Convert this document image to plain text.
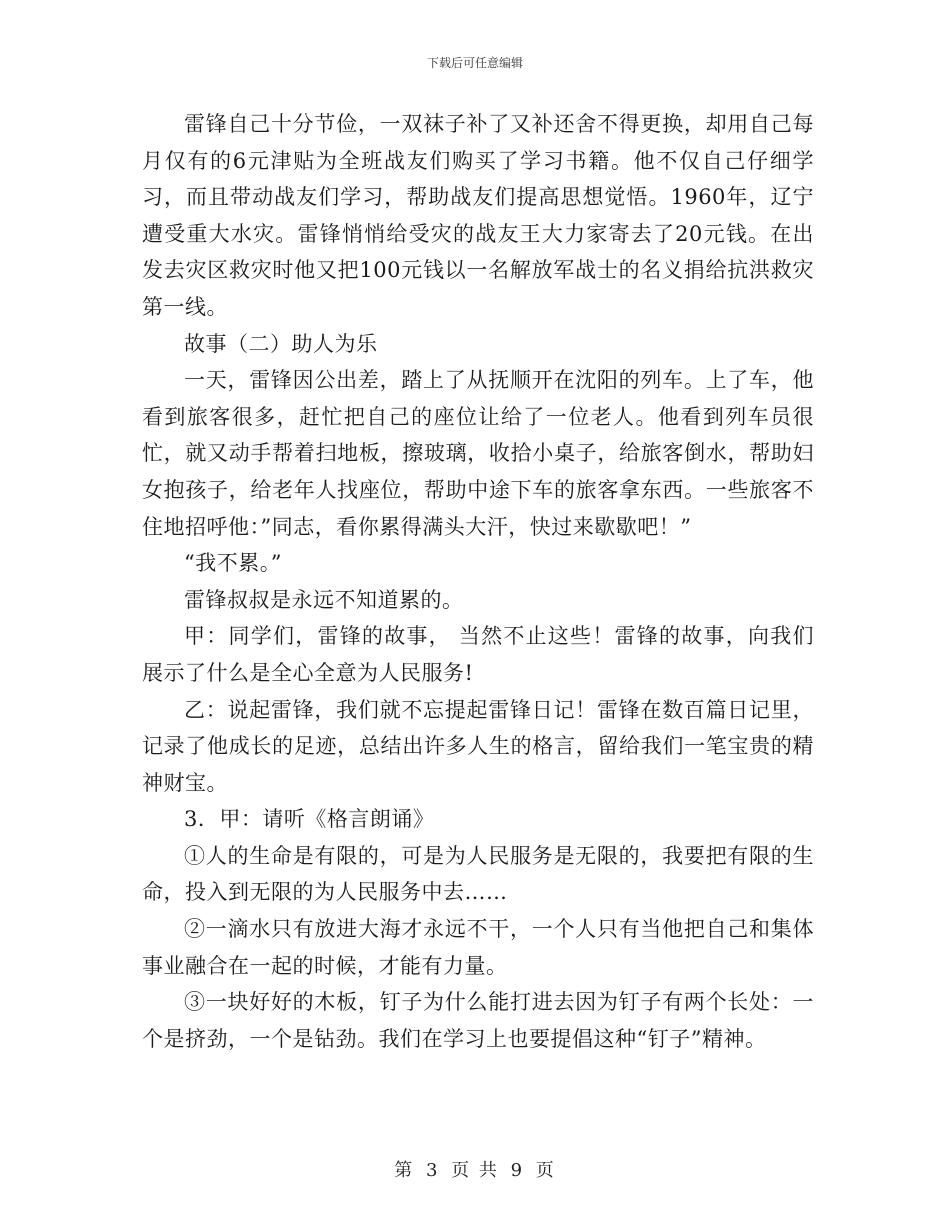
下载后可任意编辑

雷锋自己十分节俭，一双袜子补了又补还舍不得更换，却用自己每月仅有的6元津贴为全班战友们购买了学习书籍。他不仅自己仔细学习，而且带动战友们学习，帮助战友们提高思想觉悟。1960年，辽宁遭受重大水灾。雷锋悄悄给受灾的战友王大力家寄去了20元钱。在出发去灾区救灾时他又把100元钱以一名解放军战士的名义捐给抗洪救灾第一线。

故事（二）助人为乐

一天，雷锋因公出差，踏上了从抚顺开在沈阳的列车。上了车，他看到旅客很多，赶忙把自己的座位让给了一位老人。他看到列车员很忙，就又动手帮着扫地板，擦玻璃，收拾小桌子，给旅客倒水，帮助妇女抱孩子，给老年人找座位，帮助中途下车的旅客拿东西。一些旅客不住地招呼他：”同志，看你累得满头大汗，快过来歇歇吧！”

“我不累。”

雷锋叔叔是永远不知道累的。

甲：同学们，雷锋的故事， 当然不止这些！雷锋的故事，向我们展示了什么是全心全意为人民服务!

乙：说起雷锋，我们就不忘提起雷锋日记！雷锋在数百篇日记里，记录了他成长的足迹，总结出许多人生的格言，留给我们一笔宝贵的精神财宝。

3．甲：请听《格言朗诵》

①人的生命是有限的，可是为人民服务是无限的，我要把有限的生命，投入到无限的为人民服务中去……

②一滴水只有放进大海才永远不干，一个人只有当他把自己和集体事业融合在一起的时候，才能有力量。

③一块好好的木板，钉子为什么能打进去因为钉子有两个长处：一个是挤劲，一个是钻劲。我们在学习上也要提倡这种“钉子”精神。

第 3 页 共 9 页
